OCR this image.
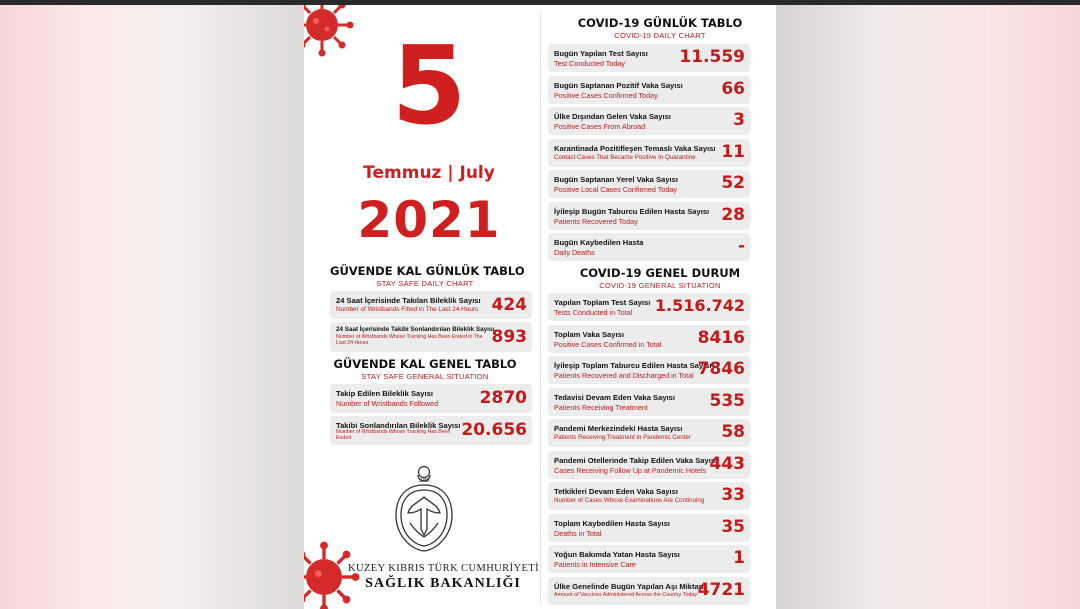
5
Temmuz | July
2021
GÜVENDE KAL GÜNLÜK TABLO
STAY SAFE DAILY CHART
24 Saat İçerisinde Takılan Bileklik Sayısı
Number of Wristbands Fitted in The Last 24 Hours 424
24 Saat İçerisinde Takibi Sonlandırılan Bileklik Sayısı
Number of Wristbands Whose Tracking Has Been Ended in The Last 24 Hours	893
GÜVENDE KAL GENEL TABLO
STAY SAFE GENERAL SITUATION
Takip Edilen Bileklik Sayısı
Number of Wristbands Followed 2870
Takibi Sonlandırılan Bileklik Sayısı
Number of Wristbands Whose Tracking Has Been Ended	20.656
1983
KUZEY KIBRIS TÜRK CUMHURİYETİ
SAĞLIK BAKANLIĞI
COVID-19 GÜNLÜK TABLO
COVID-19 DAILY CHART
Bugün Yapılan Test Sayısı
Test Conducted Today	11.559
Bugün Saptanan Pozitif Vaka Sayısı
Positive Cases Confirmed Today	66
Ülke Dışından Gelen Vaka Sayısı
Positive Cases From Abroad	3
Karantinada Pozitifleşen Temaslı Vaka Sayısı
Contact Cases That Became Positive In Quarantine 11
Bugün Saptanan Yerel Vaka Sayısı
Positive Local Cases Confirmed Today	52
İyileşip Bugün Taburcu Edilen Hasta Sayısı
Patients Recovered Today	28
Bugün Kaybedilen Hasta
Daily Deaths	-
COVID-19 GENEL DURUM
COVID-19 GENERAL SITUATION
Yapılan Toplam Test Sayısı
Tests Conducted in Total 1.516.742
Toplam Vaka Sayısı
Positive Cases Confirmed in Total 8416
İyileşip Toplam Taburcu Edilen Hasta Sayısı
Patients Recovered and Discharged in Total 7846
Tedavisi Devam Eden Vaka Sayısı
Patients Receiving Treatment	535
Pandemi Merkezindeki Hasta Sayısı
Patients Receiving Treatment in Pandemic Center 58
Pandemi Otellerinde Takip Edilen Vaka Sayısı
Cases Receiving Follow Up at Pandemic Hotels 443
Tetkikleri Devam Eden Vaka Sayısı
Number of Cases Whose Examinations Are Continuing 33
Toplam Kaybedilen Hasta Sayısı
Deaths in Total	35
Yoğun Bakımda Yatan Hasta Sayısı
Patients in Intensive Care	1
Ülke Genelinde Bugün Yapılan Aşı Miktarı
Amount of Vaccines Administered Across the Country Today 4721
